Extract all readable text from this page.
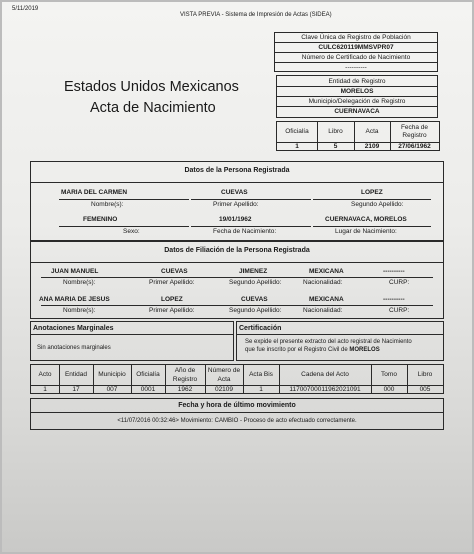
5/11/2019
VISTA PREVIA - Sistema de Impresión de Actas (SIDEA)
Clave Única de Registro de Población
CULC620119MMSVPR07
Número de Certificado de Nacimiento
----------
Estados Unidos Mexicanos
Acta de Nacimiento
Entidad de Registro
MORELOS
Municipio/Delegación de Registro
CUERNAVACA
Oficialía	Libro	Acta
Fecha de Registro
1	5	2109	27/06/1962
Datos de la Persona Registrada
MARIA DEL CARMEN	CUEVAS	LOPEZ
Nombre(s):	Primer Apellido:	Segundo Apellido:
FEMENINO	19/01/1962	CUERNAVACA, MORELOS
Sexo:	Fecha de Nacimiento:	Lugar de Nacimiento:
Datos de Filiación de la Persona Registrada
JUAN MANUEL	CUEVAS	JIMENEZ	MEXICANA	----------
Nombre(s):	Primer Apellido:	Segundo Apellido:	Nacionalidad:	CURP:
ANA MARIA DE JESUS	LOPEZ	CUEVAS	MEXICANA	----------
Nombre(s):	Primer Apellido:	Segundo Apellido:	Nacionalidad:	CURP:
Anotaciones Marginales
Sin anotaciones marginales
Certificación
Se expide el presente extracto del acto registral de Nacimiento
que fue inscrito por el Registro Civil de MORELOS
Acto	Entidad	Municipio	Oficialía
Año de Registro
Número de Acta
Acta Bis	Cadena del Acto	Tomo	Libro
1	17	007	0001	1962	02109	1	11700700011962021091	000	005
Fecha y hora de último movimiento
<11/07/2016 00:32:46> Movimiento: CAMBIO - Proceso de acto efectuado correctamente.
